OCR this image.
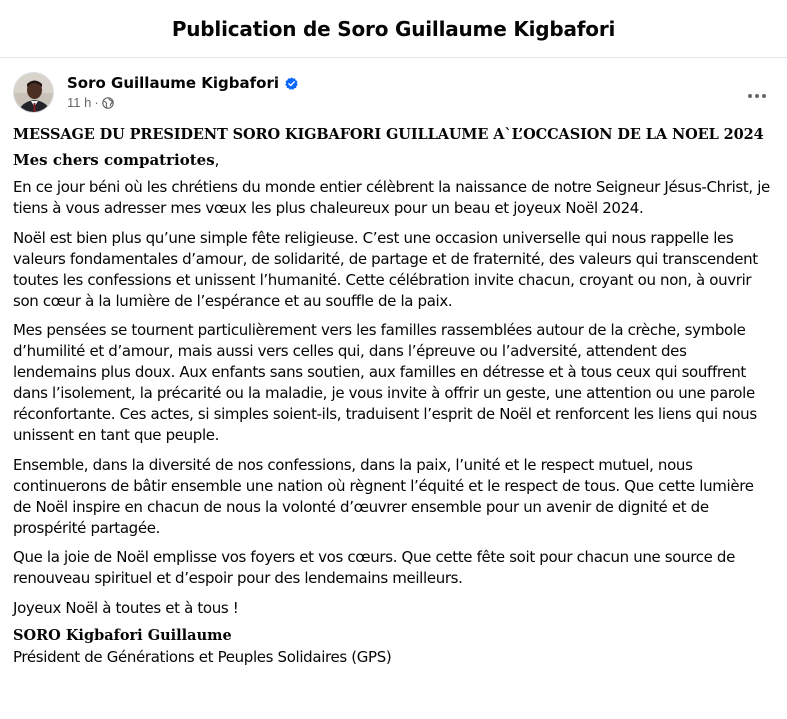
Publication de Soro Guillaume Kigbafori
Soro Guillaume Kigbafori
11 h ·

MESSAGE DU PRESIDENT SORO KIGBAFORI GUILLAUME A`L’OCCASION DE LA NOEL 2024

Mes chers compatriotes,

En ce jour béni où les chrétiens du monde entier célèbrent la naissance de notre Seigneur Jésus-Christ, je tiens à vous adresser mes vœux les plus chaleureux pour un beau et joyeux Noël 2024.

Noël est bien plus qu’une simple fête religieuse. C’est une occasion universelle qui nous rappelle les valeurs fondamentales d’amour, de solidarité, de partage et de fraternité, des valeurs qui transcendent toutes les confessions et unissent l’humanité. Cette célébration invite chacun, croyant ou non, à ouvrir son cœur à la lumière de l’espérance et au souffle de la paix.

Mes pensées se tournent particulièrement vers les familles rassemblées autour de la crèche, symbole d’humilité et d’amour, mais aussi vers celles qui, dans l’épreuve ou l’adversité, attendent des lendemains plus doux. Aux enfants sans soutien, aux familles en détresse et à tous ceux qui souffrent dans l’isolement, la précarité ou la maladie, je vous invite à offrir un geste, une attention ou une parole réconfortante. Ces actes, si simples soient-ils, traduisent l’esprit de Noël et renforcent les liens qui nous unissent en tant que peuple.

Ensemble, dans la diversité de nos confessions, dans la paix, l’unité et le respect mutuel, nous continuerons de bâtir ensemble une nation où règnent l’équité et le respect de tous. Que cette lumière de Noël inspire en chacun de nous la volonté d’œuvrer ensemble pour un avenir de dignité et de prospérité partagée.

Que la joie de Noël emplisse vos foyers et vos cœurs. Que cette fête soit pour chacun une source de renouveau spirituel et d’espoir pour des lendemains meilleurs.

Joyeux Noël à toutes et à tous !

SORO Kigbafori Guillaume

Président de Générations et Peuples Solidaires (GPS)
